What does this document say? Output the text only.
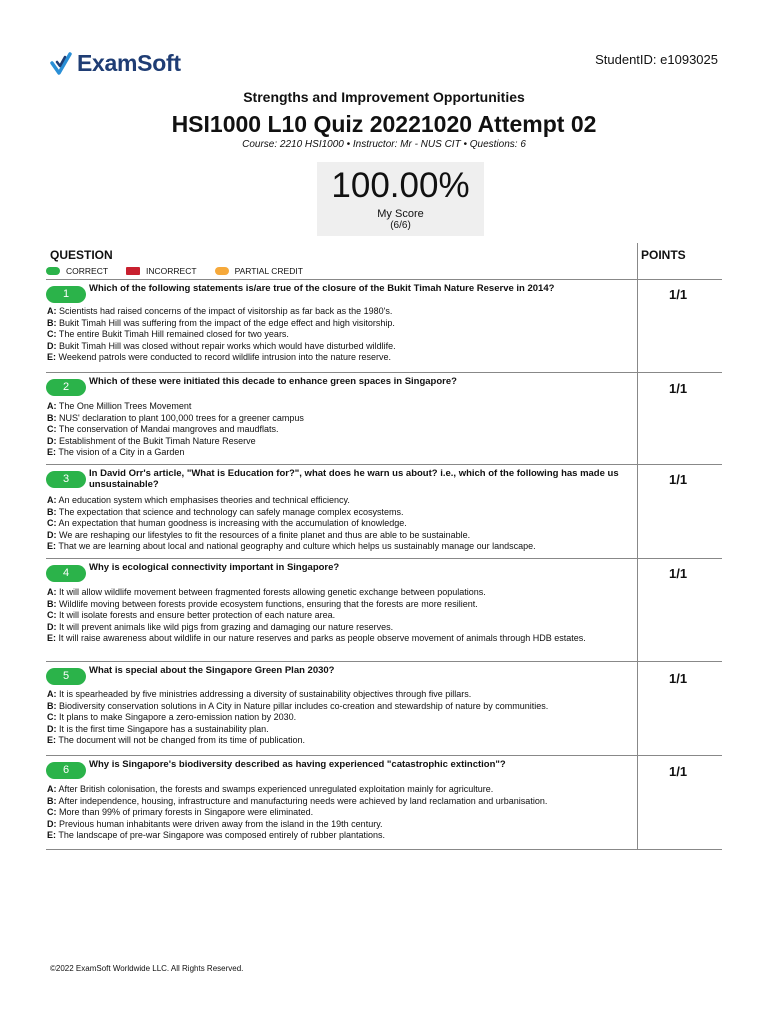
ExamSoft	StudentID: e1093025
Strengths and Improvement Opportunities
HSI1000 L10 Quiz 20221020 Attempt 02
Course: 2210 HSI1000 • Instructor: Mr - NUS CIT • Questions: 6
100.00%
My Score
(6/6)
QUESTION	POINTS
CORRECT	INCORRECT	PARTIAL CREDIT
1	Which of the following statements is/are true of the closure of the Bukit Timah Nature Reserve in 2014?
A: Scientists had raised concerns of the impact of visitorship as far back as the 1980's.
B: Bukit Timah Hill was suffering from the impact of the edge effect and high visitorship.
C: The entire Bukit Timah Hill remained closed for two years.
D: Bukit Timah Hill was closed without repair works which would have disturbed wildlife.
E: Weekend patrols were conducted to record wildlife intrusion into the nature reserve.
1/1
2	Which of these were initiated this decade to enhance green spaces in Singapore?
A: The One Million Trees Movement
B: NUS' declaration to plant 100,000 trees for a greener campus
C: The conservation of Mandai mangroves and maudflats.
D: Establishment of the Bukit Timah Nature Reserve
E: The vision of a City in a Garden
1/1
3	In David Orr's article, "What is Education for?", what does he warn us about? i.e., which of the following has made us unsustainable?
A: An education system which emphasises theories and technical efficiency.
B: The expectation that science and technology can safely manage complex ecosystems.
C: An expectation that human goodness is increasing with the accumulation of knowledge.
D: We are reshaping our lifestyles to fit the resources of a finite planet and thus are able to be sustainable.
E: That we are learning about local and national geography and culture which helps us sustainably manage our landscape.
1/1
4	Why is ecological connectivity important in Singapore?
A: It will allow wildlife movement between fragmented forests allowing genetic exchange between populations.
B: Wildlife moving between forests provide ecosystem functions, ensuring that the forests are more resilient.
C: It will isolate forests and ensure better protection of each nature area.
D: It will prevent animals like wild pigs from grazing and damaging our nature reserves.
E: It will raise awareness about wildlife in our nature reserves and parks as people observe movement of animals through HDB estates.
1/1
5	What is special about the Singapore Green Plan 2030?
A: It is spearheaded by five ministries addressing a diversity of sustainability objectives through five pillars.
B: Biodiversity conservation solutions in A City in Nature pillar includes co-creation and stewardship of nature by communities.
C: It plans to make Singapore a zero-emission nation by 2030.
D: It is the first time Singapore has a sustainability plan.
E: The document will not be changed from its time of publication.
1/1
6	Why is Singapore's biodiversity described as having experienced "catastrophic extinction"?
A: After British colonisation, the forests and swamps experienced unregulated exploitation mainly for agriculture.
B: After independence, housing, infrastructure and manufacturing needs were achieved by land reclamation and urbanisation.
C: More than 99% of primary forests in Singapore were eliminated.
D: Previous human inhabitants were driven away from the island in the 19th century.
E: The landscape of pre-war Singapore was composed entirely of rubber plantations.
1/1
©2022 ExamSoft Worldwide LLC. All Rights Reserved.
